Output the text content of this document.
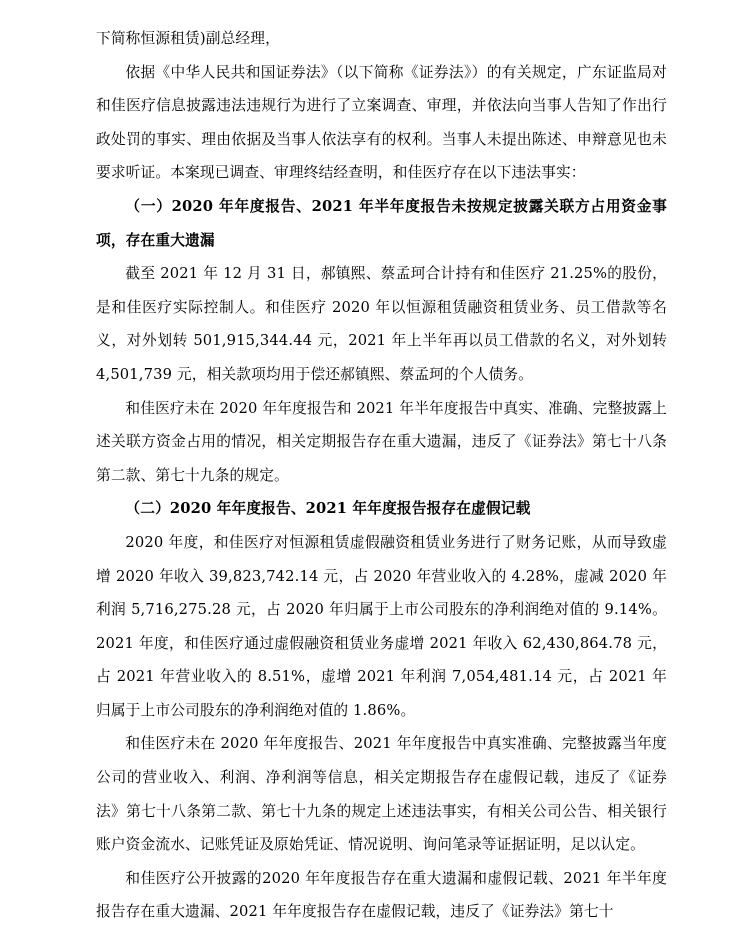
下简称恒源租赁)副总经理，

依据《中华人民共和国证券法》（以下简称《证券法》）的有关规定，广东证监局对和佳医疗信息披露违法违规行为进行了立案调查、审理，并依法向当事人告知了作出行政处罚的事实、理由依据及当事人依法享有的权利。当事人未提出陈述、申辩意见也未要求听证。本案现已调查、审理终结经查明，和佳医疗存在以下违法事实：

（一）2020 年年度报告、2021 年半年度报告未按规定披露关联方占用资金事项，存在重大遗漏

截至 2021 年 12 月 31 日，郝镇熙、蔡孟珂合计持有和佳医疗 21.25%的股份，是和佳医疗实际控制人。和佳医疗 2020 年以恒源租赁融资租赁业务、员工借款等名义，对外划转 501,915,344.44 元，2021 年上半年再以员工借款的名义，对外划转 4,501,739 元，相关款项均用于偿还郝镇熙、蔡孟珂的个人债务。

和佳医疗未在 2020 年年度报告和 2021 年半年度报告中真实、准确、完整披露上述关联方资金占用的情况，相关定期报告存在重大遗漏，违反了《证券法》第七十八条第二款、第七十九条的规定。

（二）2020 年年度报告、2021 年年度报告报存在虚假记载

2020 年度，和佳医疗对恒源租赁虚假融资租赁业务进行了财务记账，从而导致虚增 2020 年收入 39,823,742.14 元，占 2020 年营业收入的 4.28%，虚减 2020 年利润 5,716,275.28 元，占 2020 年归属于上市公司股东的净利润绝对值的 9.14%。2021 年度，和佳医疗通过虚假融资租赁业务虚增 2021 年收入 62,430,864.78 元，占 2021 年营业收入的 8.51%，虚增 2021 年利润 7,054,481.14 元，占 2021 年归属于上市公司股东的净利润绝对值的 1.86%。

和佳医疗未在 2020 年年度报告、2021 年年度报告中真实准确、完整披露当年度公司的营业收入、利润、净利润等信息，相关定期报告存在虚假记载，违反了《证券法》第七十八条第二款、第七十九条的规定上述违法事实，有相关公司公告、相关银行账户资金流水、记账凭证及原始凭证、情况说明、询问笔录等证据证明，足以认定。

和佳医疗公开披露的2020 年年度报告存在重大遗漏和虚假记载、2021 年半年度报告存在重大遗漏、2021 年年度报告存在虚假记载，违反了《证券法》第七十
